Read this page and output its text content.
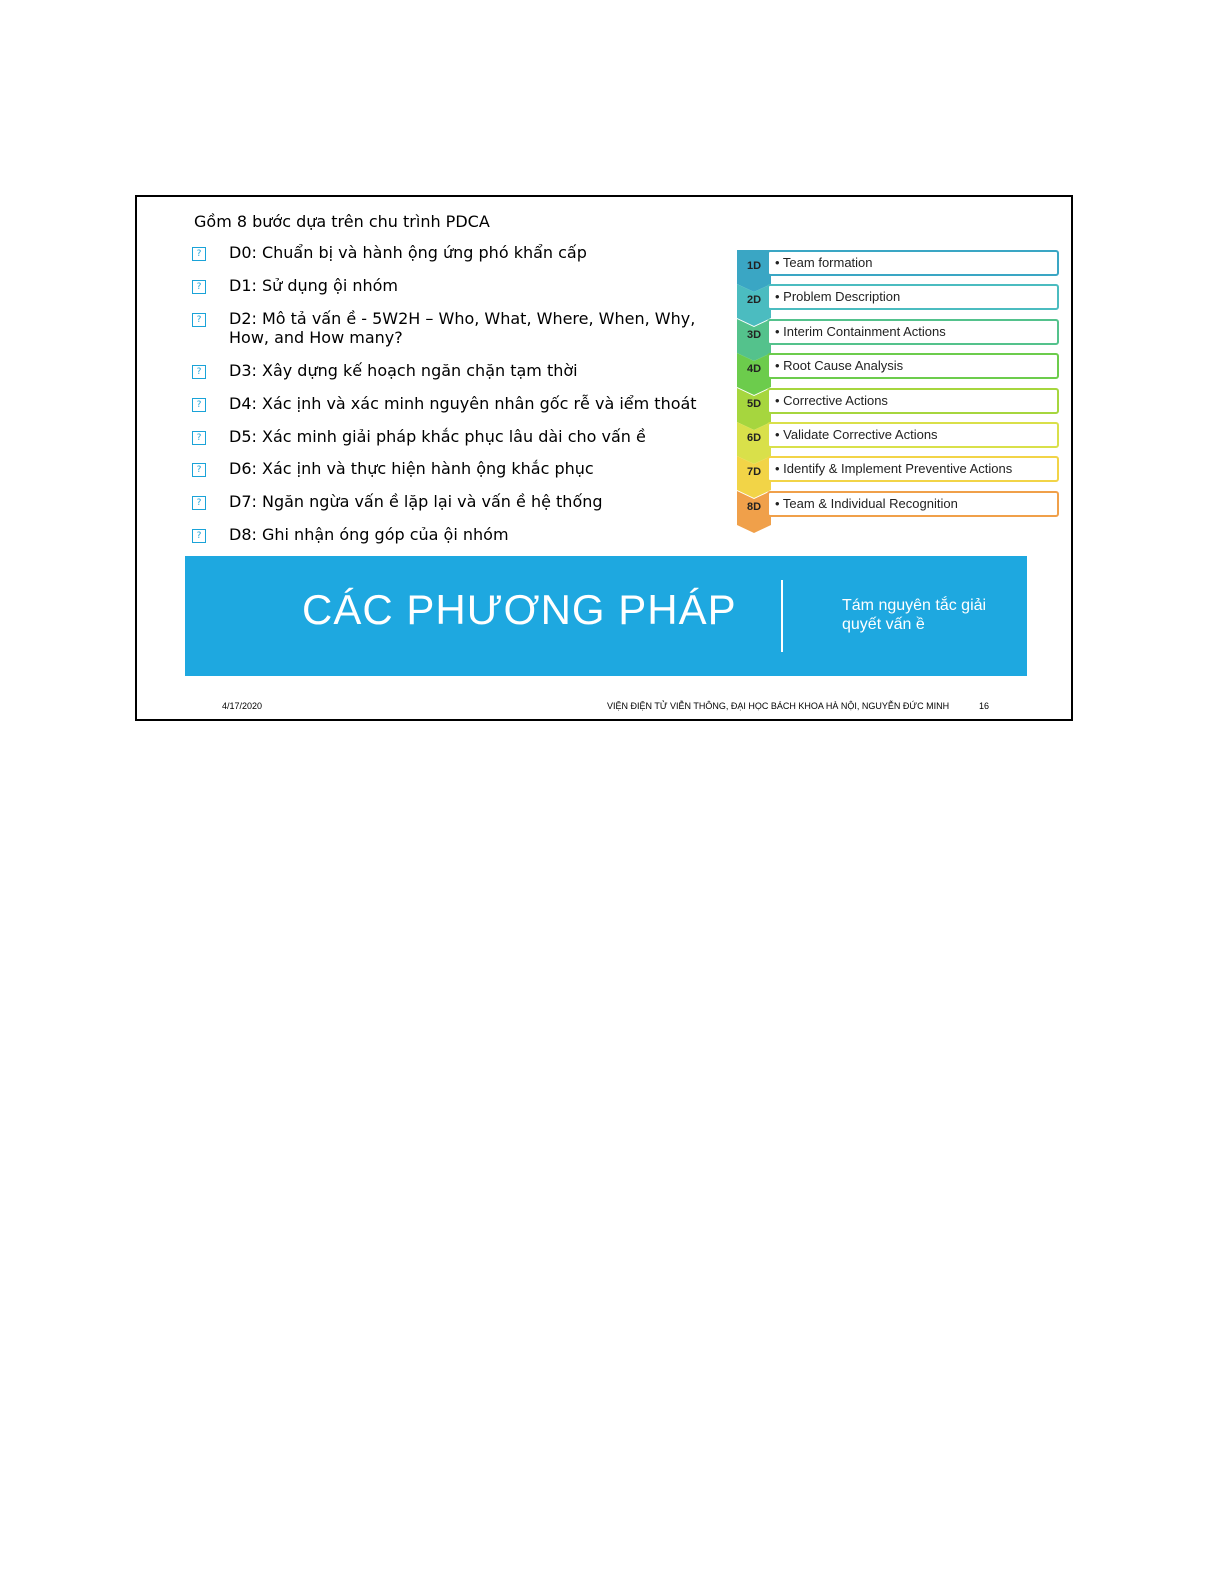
Gồm 8 bước dựa trên chu trình PDCA
? D0: Chuẩn bị và hành ộng ứng phó khẩn cấp
? D1: Sử dụng ội nhóm
? D2: Mô tả vấn ề - 5W2H – Who, What, Where, When, Why, How, and How many?
? D3: Xây dựng kế hoạch ngăn chặn tạm thời
? D4: Xác ịnh và xác minh nguyên nhân gốc rễ và iểm thoát
? D5: Xác minh giải pháp khắc phục lâu dài cho vấn ề
? D6: Xác ịnh và thực hiện hành ộng khắc phục
? D7: Ngăn ngừa vấn ề lặp lại và vấn ề hệ thống
? D8: Ghi nhận óng góp của ội nhóm
1D	• Team formation
2D	• Problem Description
3D	• Interim Containment Actions
4D	• Root Cause Analysis
5D	• Corrective Actions
6D	• Validate Corrective Actions
7D	• Identify & Implement Preventive Actions
8D	• Team & Individual Recognition
CÁC PHƯƠNG PHÁP	Tám nguyên tắc giải quyết vấn ề
4/17/2020	VIỆN ĐIỆN TỬ VIỄN THÔNG, ĐẠI HỌC BÁCH KHOA HÀ NỘI, NGUYỄN ĐỨC MINH	16
